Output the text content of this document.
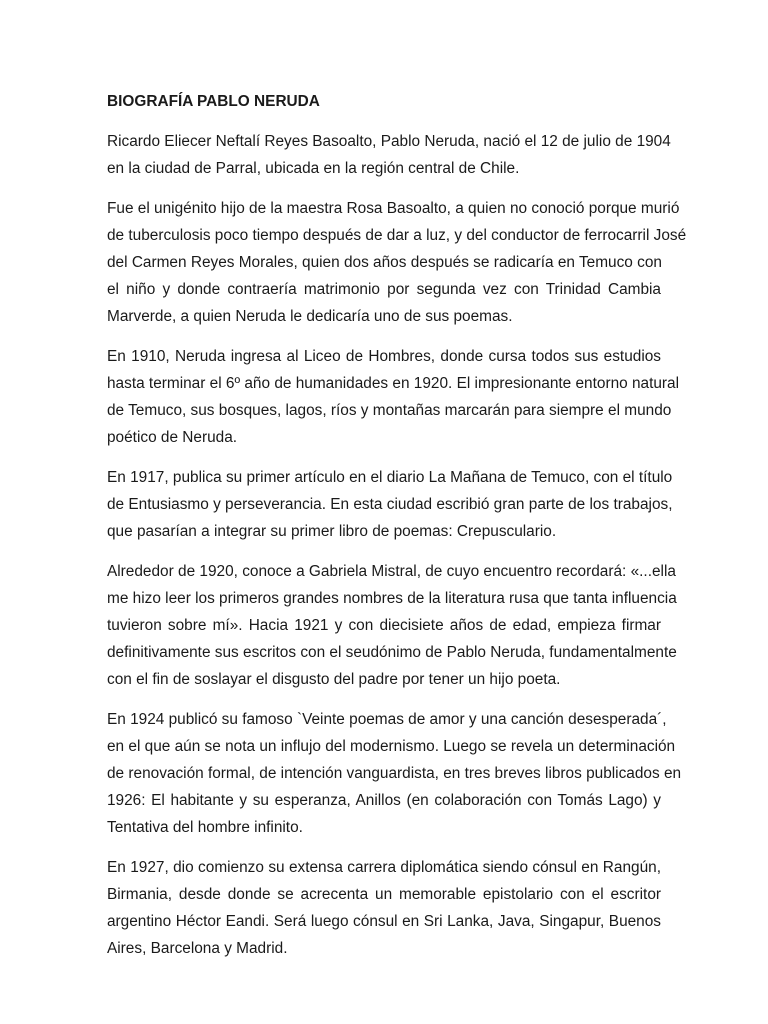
BIOGRAFÍA PABLO NERUDA
Ricardo Eliecer Neftalí Reyes Basoalto, Pablo Neruda, nació el 12 de julio de 1904
en la ciudad de Parral, ubicada en la región central de Chile.
Fue el unigénito hijo de la maestra Rosa Basoalto, a quien no conoció porque murió
de tuberculosis poco tiempo después de dar a luz, y del conductor de ferrocarril José
del Carmen Reyes Morales, quien dos años después se radicaría en Temuco con
el niño y donde contraería matrimonio por segunda vez con Trinidad Cambia
Marverde, a quien Neruda le dedicaría uno de sus poemas.
En 1910, Neruda ingresa al Liceo de Hombres, donde cursa todos sus estudios
hasta terminar el 6º año de humanidades en 1920. El impresionante entorno natural
de Temuco, sus bosques, lagos, ríos y montañas marcarán para siempre el mundo
poético de Neruda.
En 1917, publica su primer artículo en el diario La Mañana de Temuco, con el título
de Entusiasmo y perseverancia. En esta ciudad escribió gran parte de los trabajos,
que pasarían a integrar su primer libro de poemas: Crepusculario.
Alrededor de 1920, conoce a Gabriela Mistral, de cuyo encuentro recordará: «...ella
me hizo leer los primeros grandes nombres de la literatura rusa que tanta influencia
tuvieron sobre mí». Hacia 1921 y con diecisiete años de edad, empieza firmar
definitivamente sus escritos con el seudónimo de Pablo Neruda, fundamentalmente
con el fin de soslayar el disgusto del padre por tener un hijo poeta.
En 1924 publicó su famoso `Veinte poemas de amor y una canción desesperada´,
en el que aún se nota un influjo del modernismo. Luego se revela un determinación
de renovación formal, de intención vanguardista, en tres breves libros publicados en
1926: El habitante y su esperanza, Anillos (en colaboración con Tomás Lago) y
Tentativa del hombre infinito.
En 1927, dio comienzo su extensa carrera diplomática siendo cónsul en Rangún,
Birmania, desde donde se acrecenta un memorable epistolario con el escritor
argentino Héctor Eandi. Será luego cónsul en Sri Lanka, Java, Singapur, Buenos
Aires, Barcelona y Madrid.
